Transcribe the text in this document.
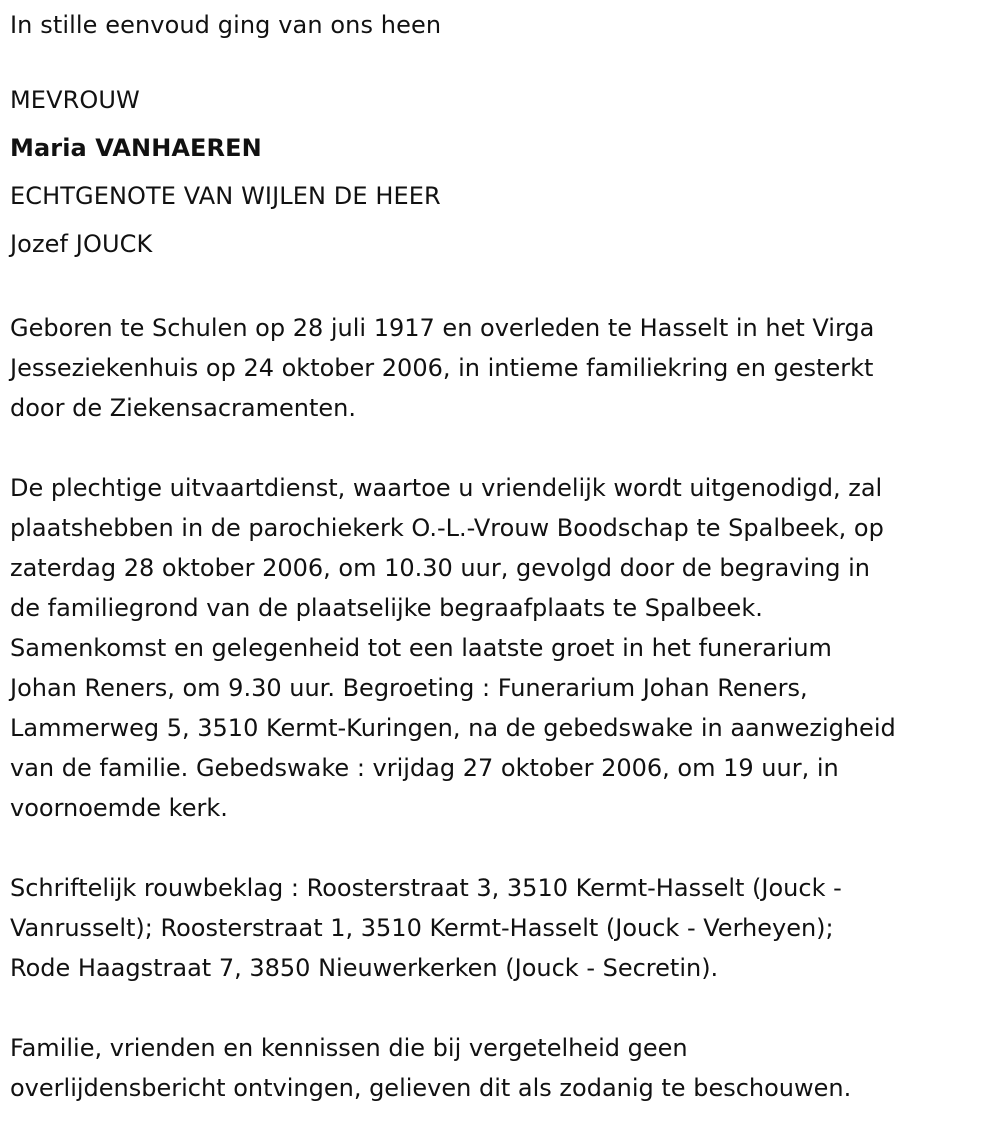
In stille eenvoud ging van ons heen
MEVROUW
Maria VANHAEREN
ECHTGENOTE VAN WIJLEN DE HEER
Jozef JOUCK
Geboren te Schulen op 28 juli 1917 en overleden te Hasselt in het Virga
Jesseziekenhuis op 24 oktober 2006, in intieme familiekring en gesterkt
door de Ziekensacramenten.
De plechtige uitvaartdienst, waartoe u vriendelijk wordt uitgenodigd, zal
plaatshebben in de parochiekerk O.-L.-Vrouw Boodschap te Spalbeek, op
zaterdag 28 oktober 2006, om 10.30 uur, gevolgd door de begraving in
de familiegrond van de plaatselijke begraafplaats te Spalbeek.
Samenkomst en gelegenheid tot een laatste groet in het funerarium
Johan Reners, om 9.30 uur. Begroeting : Funerarium Johan Reners,
Lammerweg 5, 3510 Kermt-Kuringen, na de gebedswake in aanwezigheid
van de familie. Gebedswake : vrijdag 27 oktober 2006, om 19 uur, in
voornoemde kerk.
Schriftelijk rouwbeklag : Roosterstraat 3, 3510 Kermt-Hasselt (Jouck -
Vanrusselt); Roosterstraat 1, 3510 Kermt-Hasselt (Jouck - Verheyen);
Rode Haagstraat 7, 3850 Nieuwerkerken (Jouck - Secretin).
Familie, vrienden en kennissen die bij vergetelheid geen
overlijdensbericht ontvingen, gelieven dit als zodanig te beschouwen.
